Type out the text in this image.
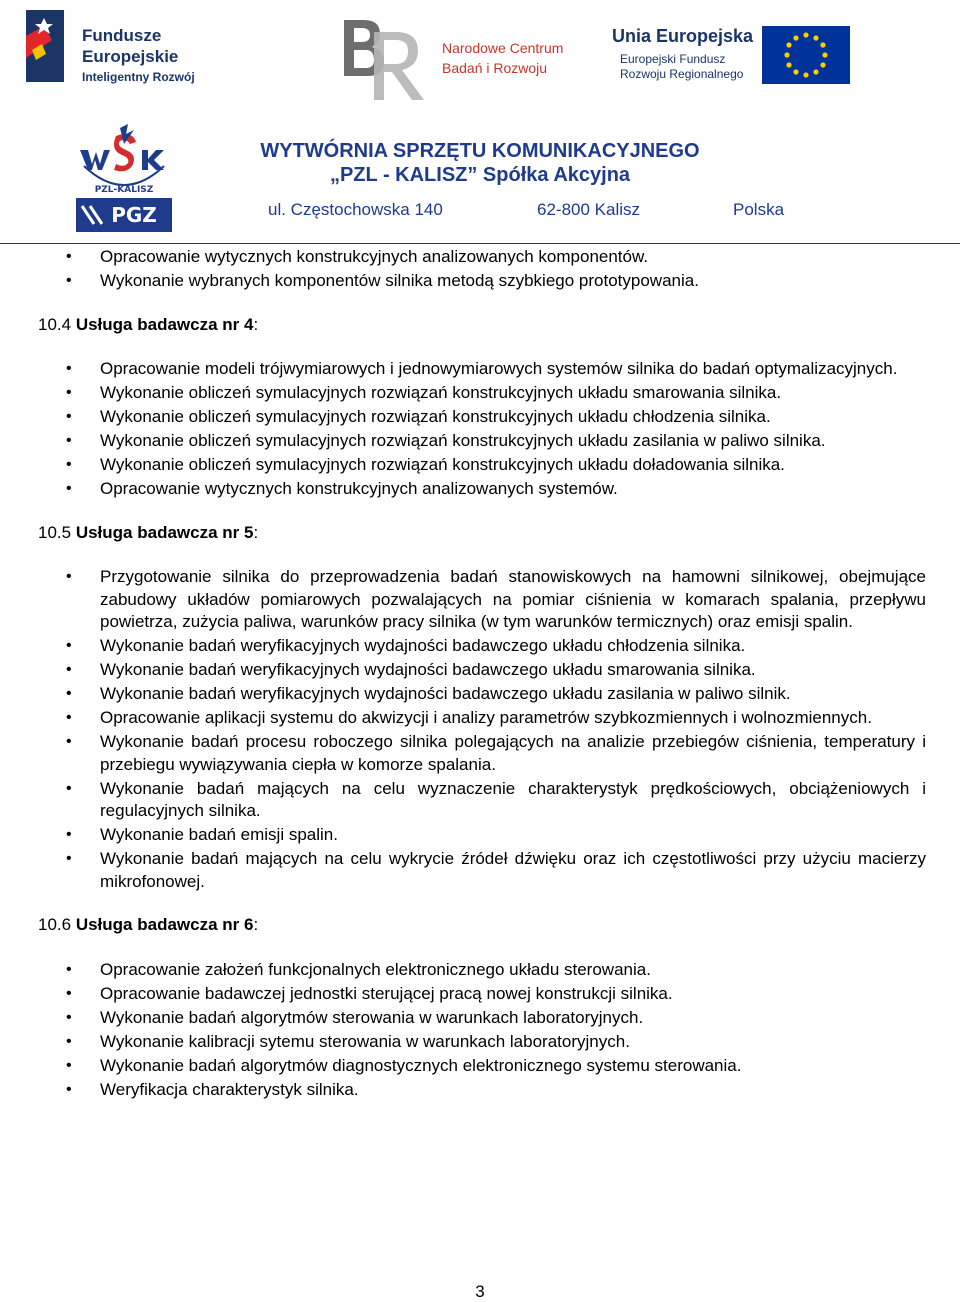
Fundusze
Europejskie
Inteligentny Rozwój
Narodowe Centrum
Badań i Rozwoju
Unia Europejska
Europejski Fundusz
Rozwoju Regionalnego
PZL-KALISZ
PGZ
WYTWÓRNIA SPRZĘTU KOMUNIKACYJNEGO
„PZL - KALISZ” Spółka Akcyjna
ul. Częstochowska 140	62-800 Kalisz	Polska
• Opracowanie wytycznych konstrukcyjnych analizowanych komponentów.
• Wykonanie wybranych komponentów silnika metodą szybkiego prototypowania.
10.4 Usługa badawcza nr 4:
• Opracowanie modeli trójwymiarowych i jednowymiarowych systemów silnika do badań optymalizacyjnych.
• Wykonanie obliczeń symulacyjnych rozwiązań konstrukcyjnych układu smarowania silnika.
• Wykonanie obliczeń symulacyjnych rozwiązań konstrukcyjnych układu chłodzenia silnika.
• Wykonanie obliczeń symulacyjnych rozwiązań konstrukcyjnych układu zasilania w paliwo silnika.
• Wykonanie obliczeń symulacyjnych rozwiązań konstrukcyjnych układu doładowania silnika.
• Opracowanie wytycznych konstrukcyjnych analizowanych systemów.
10.5 Usługa badawcza nr 5:
• Przygotowanie silnika do przeprowadzenia badań stanowiskowych na hamowni silnikowej, obejmujące zabudowy układów pomiarowych pozwalających na pomiar ciśnienia w komarach spalania, przepływu powietrza, zużycia paliwa, warunków pracy silnika (w tym warunków termicznych) oraz emisji spalin.
• Wykonanie badań weryfikacyjnych wydajności badawczego układu chłodzenia silnika.
• Wykonanie badań weryfikacyjnych wydajności badawczego układu smarowania silnika.
• Wykonanie badań weryfikacyjnych wydajności badawczego układu zasilania w paliwo silnik.
• Opracowanie aplikacji systemu do akwizycji i analizy parametrów szybkozmiennych i wolnozmiennych.
• Wykonanie badań procesu roboczego silnika polegających na analizie przebiegów ciśnienia, temperatury i przebiegu wywiązywania ciepła w komorze spalania.
• Wykonanie badań mających na celu wyznaczenie charakterystyk prędkościowych, obciążeniowych i regulacyjnych silnika.
• Wykonanie badań emisji spalin.
• Wykonanie badań mających na celu wykrycie źródeł dźwięku oraz ich częstotliwości przy użyciu macierzy mikrofonowej.
10.6 Usługa badawcza nr 6:
• Opracowanie założeń funkcjonalnych elektronicznego układu sterowania.
• Opracowanie badawczej jednostki sterującej pracą nowej konstrukcji silnika.
• Wykonanie badań algorytmów sterowania w warunkach laboratoryjnych.
• Wykonanie kalibracji sytemu sterowania w warunkach laboratoryjnych.
• Wykonanie badań algorytmów diagnostycznych elektronicznego systemu sterowania.
• Weryfikacja charakterystyk silnika.
3
